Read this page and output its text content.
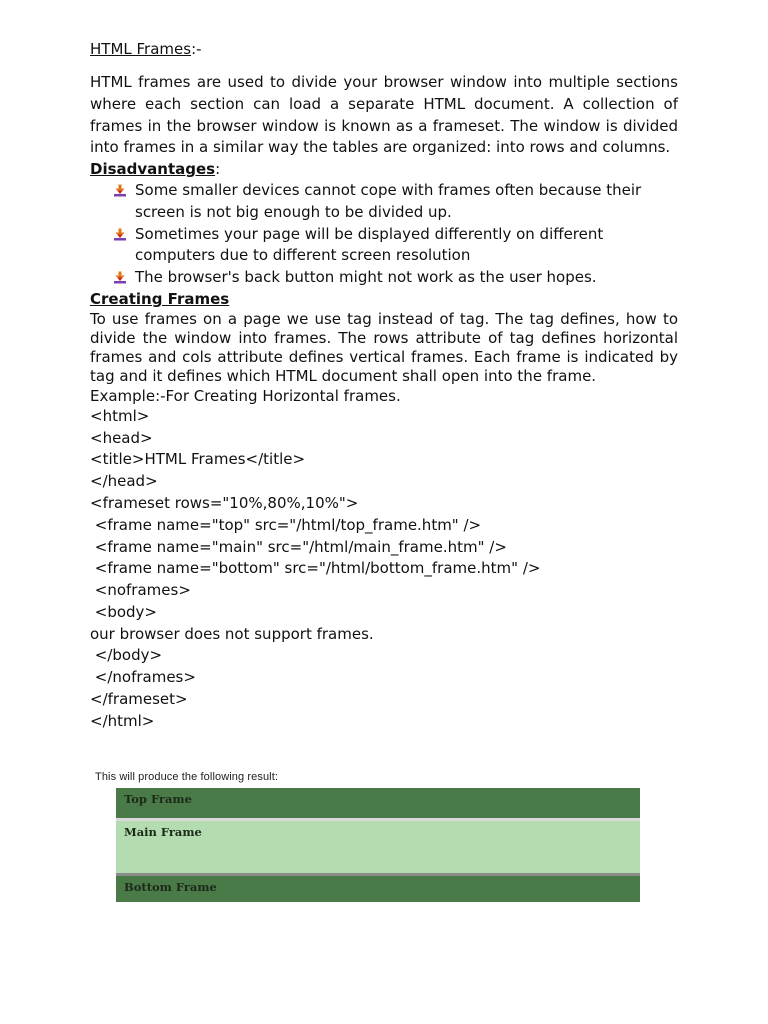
HTML Frames:-

HTML frames are used to divide your browser window into multiple sections where each section can load a separate HTML document. A collection of frames in the browser window is known as a frameset. The window is divided into frames in a similar way the tables are organized: into rows and columns.

Disadvantages:

Some smaller devices cannot cope with frames often because their screen is not big enough to be divided up.
Sometimes your page will be displayed differently on different computers due to different screen resolution
The browser's back button might not work as the user hopes.

Creating Frames

To use frames on a page we use tag instead of tag. The tag defines, how to divide the window into frames. The rows attribute of tag defines horizontal frames and cols attribute defines vertical frames. Each frame is indicated by tag and it defines which HTML document shall open into the frame.

Example:-For Creating Horizontal frames.

<html>
<head>
<title>HTML Frames</title>
</head>
<frameset rows="10%,80%,10%">
<frame name="top" src="/html/top_frame.htm" />
<frame name="main" src="/html/main_frame.htm" />
<frame name="bottom" src="/html/bottom_frame.htm" />
<noframes>
<body>
our browser does not support frames.
</body>
</noframes>
</frameset>
</html>
This will produce the following result:
Top Frame
Main Frame
Bottom Frame
